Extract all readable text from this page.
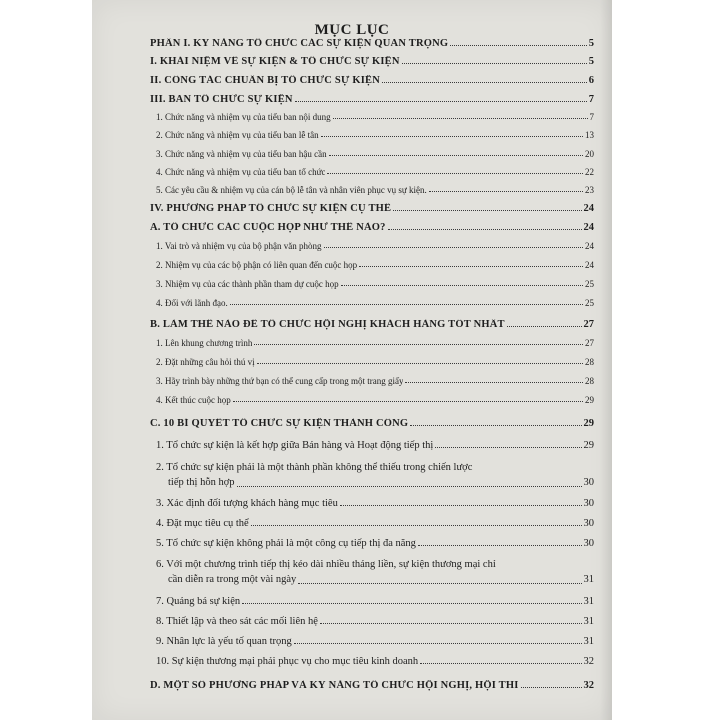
MỤC LỤC
PHẦN I. KỸ NĂNG TỔ CHỨC CÁC SỰ KIỆN QUAN TRỌNG	5
I. KHÁI NIỆM VỀ SỰ KIỆN & TỔ CHỨC SỰ KIỆN	5
II. CÔNG TÁC CHUẨN BỊ TỔ CHỨC SỰ KIỆN	6
III. BAN TỔ CHỨC SỰ KIỆN	7
1. Chức năng và nhiệm vụ của tiểu ban nội dung	7
2. Chức năng và nhiệm vụ của tiểu ban lễ tân	13
3. Chức năng và nhiệm vụ của tiểu ban hậu cần	20
4. Chức năng và nhiệm vụ của tiểu ban tổ chức	22
5. Các yêu cầu & nhiệm vụ của cán bộ lễ tân và nhân viên phục vụ sự kiện.	23
IV. PHƯƠNG PHÁP TỔ CHỨC SỰ KIỆN CỤ THỂ	24
A. TỔ CHỨC CÁC CUỘC HỌP NHƯ THẾ NÀO?	24
1. Vai trò và nhiệm vụ của bộ phận văn phòng	24
2. Nhiệm vụ của các bộ phận có liên quan đến cuộc họp	24
3. Nhiệm vụ của các thành phần tham dự cuộc họp	25
4. Đối với lãnh đạo.	25
B. LÀM THẾ NÀO ĐỂ TỔ CHỨC HỘI NGHỊ KHÁCH HÀNG TỐT NHẤT	27
1. Lên khung chương trình	27
2. Đặt những câu hỏi thú vị	28
3. Hãy trình bày những thứ bạn có thể cung cấp trong một trang giấy	28
4. Kết thúc cuộc họp	29
C. 10 BÍ QUYẾT TỔ CHỨC SỰ KIỆN THÀNH CÔNG	29
1. Tổ chức sự kiện là kết hợp giữa Bán hàng và Hoạt động tiếp thị	29
2. Tổ chức sự kiện phải là một thành phần không thể thiếu trong chiến lược
tiếp thị hỗn hợp	30
3. Xác định đối tượng khách hàng mục tiêu	30
4. Đặt mục tiêu cụ thể	30
5. Tổ chức sự kiện không phải là một công cụ tiếp thị đa năng	30
6. Với một chương trình tiếp thị kéo dài nhiều tháng liền, sự kiện thương mại chỉ
cần diễn ra trong một vài ngày	31
7. Quảng bá sự kiện	31
8. Thiết lập và theo sát các mối liên hệ	31
9. Nhân lực là yếu tố quan trọng	31
10. Sự kiện thương mại phải phục vụ cho mục tiêu kinh doanh	32
D. MỘT SỐ PHƯƠNG PHÁP VÀ KỸ NĂNG TỔ CHỨC HỘI NGHỊ, HỘI THI	32
